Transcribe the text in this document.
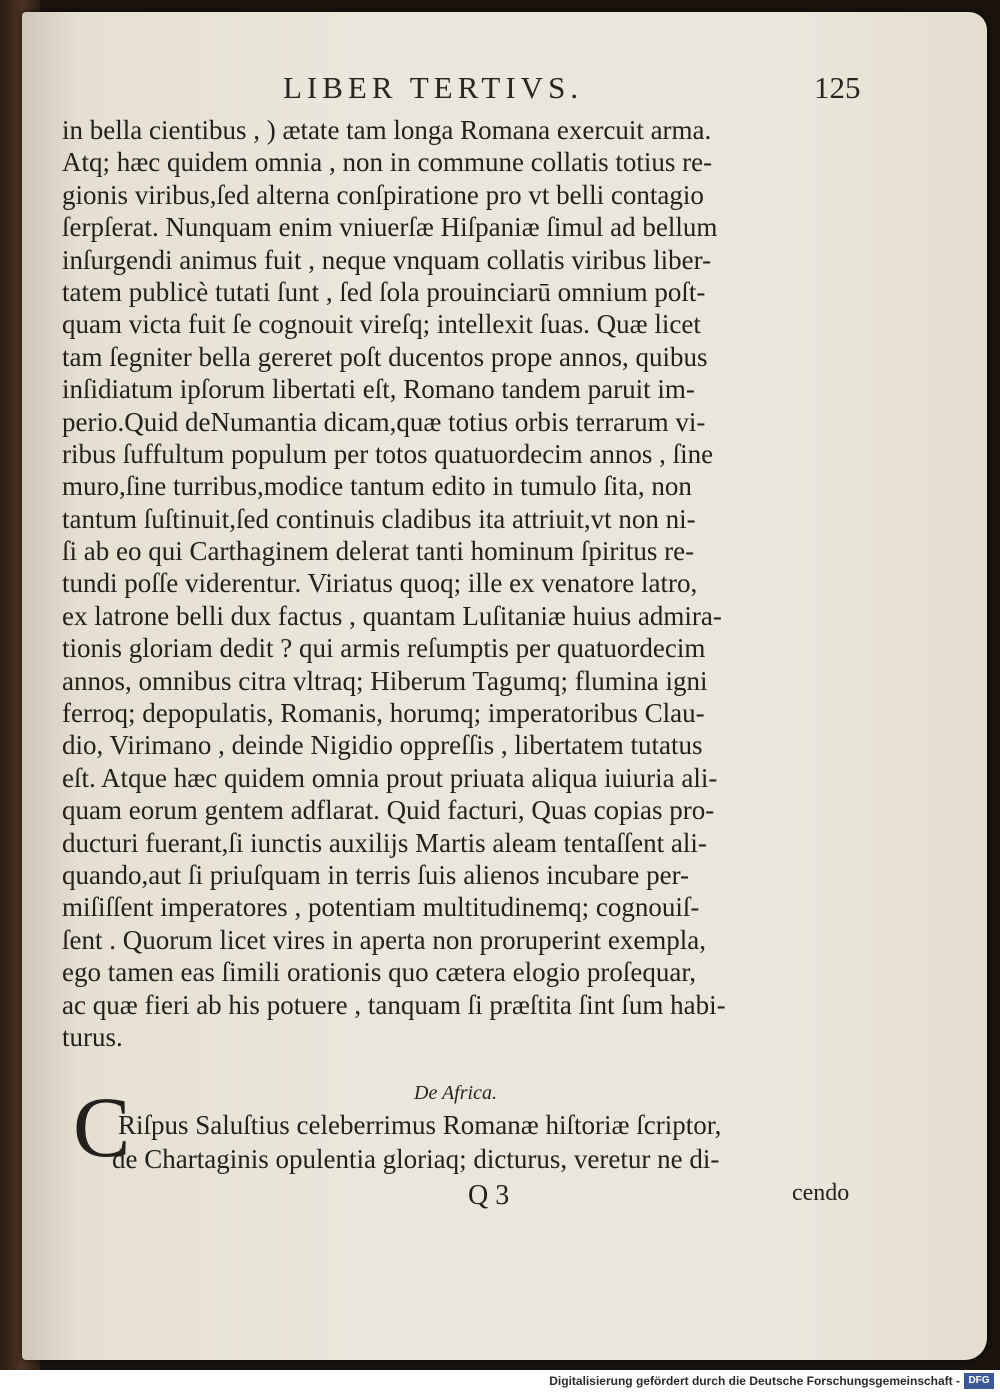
LIBER TERTIVS.	125
in bella cientibus , ) ætate tam longa Romana exercuit arma.
Atq; hæc quidem omnia , non in commune collatis totius re-
gionis viribus,ſed alterna conſpiratione pro vt belli contagio
ſerpſerat. Nunquam enim vniuerſæ Hiſpaniæ ſimul ad bellum
inſurgendi animus fuit , neque vnquam collatis viribus liber-
tatem publicè tutati ſunt , ſed ſola prouinciarū omnium poſt-
quam victa fuit ſe cognouit vireſq; intellexit ſuas. Quæ licet
tam ſegniter bella gereret poſt ducentos prope annos, quibus
inſidiatum ipſorum libertati eſt, Romano tandem paruit im-
perio.Quid deNumantia dicam,quæ totius orbis terrarum vi-
ribus ſuffultum populum per totos quatuordecim annos , ſine
muro,ſine turribus,modice tantum edito in tumulo ſita, non
tantum ſuſtinuit,ſed continuis cladibus ita attriuit,vt non ni-
ſi ab eo qui Carthaginem delerat tanti hominum ſpiritus re-
tundi poſſe viderentur. Viriatus quoq; ille ex venatore latro,
ex latrone belli dux factus , quantam Luſitaniæ huius admira-
tionis gloriam dedit ? qui armis reſumptis per quatuordecim
annos, omnibus citra vltraq; Hiberum Tagumq; flumina igni
ferroq; depopulatis, Romanis, horumq; imperatoribus Clau-
dio, Virimano , deinde Nigidio oppreſſis , libertatem tutatus
eſt. Atque hæc quidem omnia prout priuata aliqua iuiuria ali-
quam eorum gentem adflarat. Quid facturi, Quas copias pro-
ducturi fuerant,ſi iunctis auxilijs Martis aleam tentaſſent ali-
quando,aut ſi priuſquam in terris ſuis alienos incubare per-
miſiſſent imperatores , potentiam multitudinemq; cognouiſ-
ſent . Quorum licet vires in aperta non proruperint exempla,
ego tamen eas ſimili orationis quo cætera elogio proſequar,
ac quæ fieri ab his potuere , tanquam ſi præſtita ſint ſum habi-
turus.
De Africa.
C
Riſpus Saluſtius celeberrimus Romanæ hiſtoriæ ſcriptor,
de Chartaginis opulentia gloriaq; dicturus, veretur ne di-
Q 3	cendo
Digitalisierung gefördert durch die Deutsche Forschungsgemeinschaft - DFG
